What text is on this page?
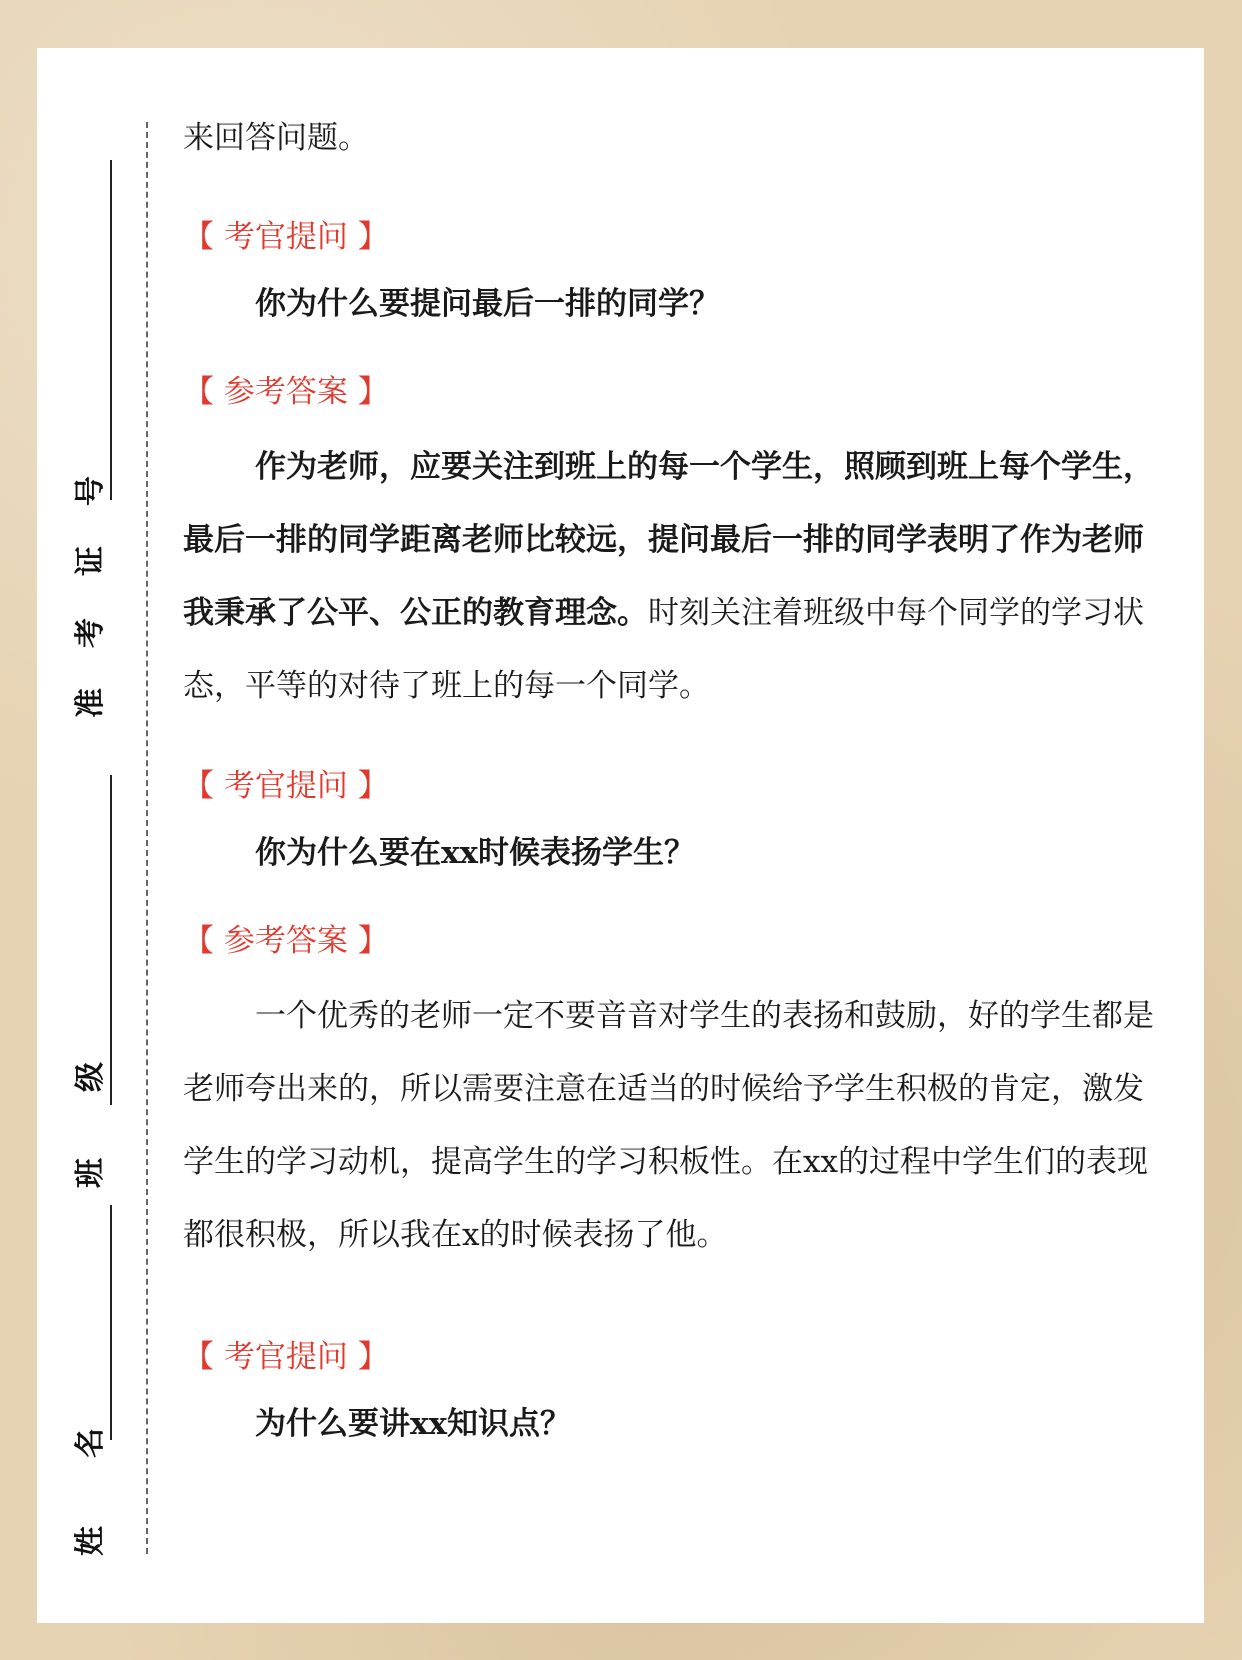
号
证
考
准
级
班
名
姓

来回答问题。

【 考官提问 】

你为什么要提问最后一排的同学？

【 参考答案 】

作为老师，应要关注到班上的每一个学生，照顾到班上每个学生，最后一排的同学距离老师比较远，提问最后一排的同学表明了作为老师我秉承了公平、公正的教育理念。时刻关注着班级中每个同学的学习状态，平等的对待了班上的每一个同学。

【 考官提问 】

你为什么要在xx时候表扬学生？

【 参考答案 】

一个优秀的老师一定不要音音对学生的表扬和鼓励，好的学生都是老师夸出来的，所以需要注意在适当的时候给予学生积极的肯定，激发学生的学习动机，提高学生的学习积板性。在xx的过程中学生们的表现都很积极，所以我在x的时候表扬了他。

【 考官提问 】

为什么要讲xx知识点？
